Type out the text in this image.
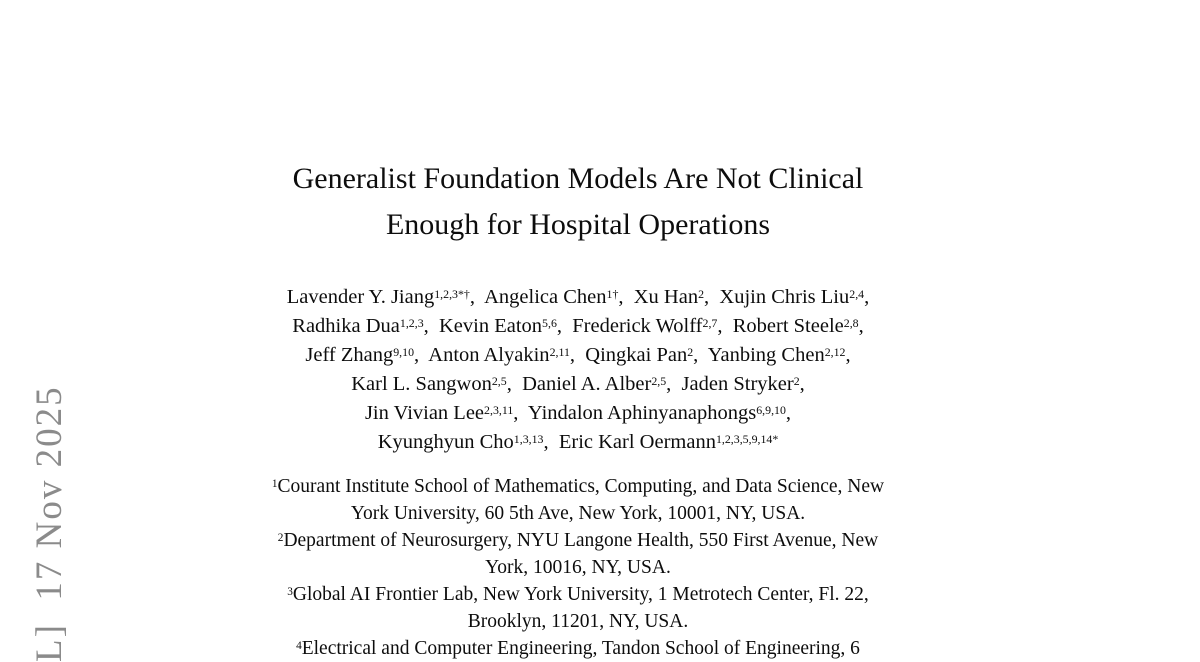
L]  17 Nov 2025
Generalist Foundation Models Are Not Clinical
Enough for Hospital Operations
Lavender Y. Jiang$^{1,2,3*\dagger}$,  Angelica Chen$^{1\dagger}$,  Xu Han$^2$,  Xujin Chris Liu$^{2,4}$,
Radhika Dua$^{1,2,3}$,  Kevin Eaton$^{5,6}$,  Frederick Wolff$^{2,7}$,  Robert Steele$^{2,8}$,
Jeff Zhang$^{9,10}$,  Anton Alyakin$^{2,11}$,  Qingkai Pan$^2$,  Yanbing Chen$^{2,12}$,
Karl L. Sangwon$^{2,5}$,  Daniel A. Alber$^{2,5}$,  Jaden Stryker$^2$,
Jin Vivian Lee$^{2,3,11}$,  Yindalon Aphinyanaphongs$^{6,9,10}$,
Kyunghyun Cho$^{1,3,13}$,  Eric Karl Oermann$^{1,2,3,5,9,14*}$
$^1$Courant Institute School of Mathematics, Computing, and Data Science, New
York University, 60 5th Ave, New York, 10001, NY, USA.
$^2$Department of Neurosurgery, NYU Langone Health, 550 First Avenue, New
York, 10016, NY, USA.
$^3$Global AI Frontier Lab, New York University, 1 Metrotech Center, Fl. 22,
Brooklyn, 11201, NY, USA.
$^4$Electrical and Computer Engineering, Tandon School of Engineering, 6
